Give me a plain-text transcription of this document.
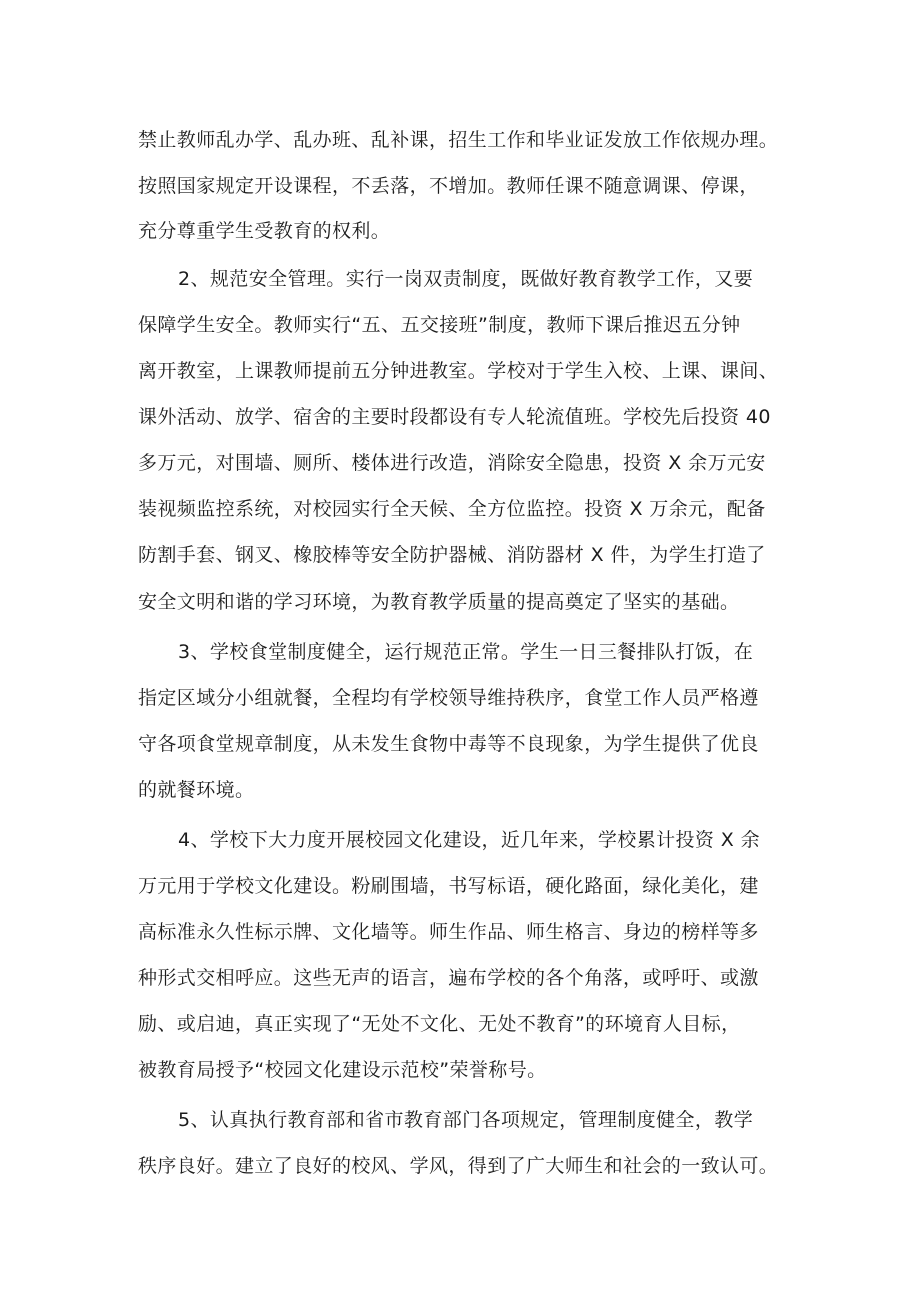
禁止教师乱办学、乱办班、乱补课，招生工作和毕业证发放工作依规办理。
按照国家规定开设课程，不丢落，不增加。教师任课不随意调课、停课，
充分尊重学生受教育的权利。
2、规范安全管理。实行一岗双责制度，既做好教育教学工作，又要
保障学生安全。教师实行“五、五交接班”制度，教师下课后推迟五分钟
离开教室，上课教师提前五分钟进教室。学校对于学生入校、上课、课间、
课外活动、放学、宿舍的主要时段都设有专人轮流值班。学校先后投资 40
多万元，对围墙、厕所、楼体进行改造，消除安全隐患，投资 X 余万元安
装视频监控系统，对校园实行全天候、全方位监控。投资 X 万余元，配备
防割手套、钢叉、橡胶棒等安全防护器械、消防器材 X 件，为学生打造了
安全文明和谐的学习环境，为教育教学质量的提高奠定了坚实的基础。
3、学校食堂制度健全，运行规范正常。学生一日三餐排队打饭，在
指定区域分小组就餐，全程均有学校领导维持秩序，食堂工作人员严格遵
守各项食堂规章制度，从未发生食物中毒等不良现象，为学生提供了优良
的就餐环境。
4、学校下大力度开展校园文化建设，近几年来，学校累计投资 X 余
万元用于学校文化建设。粉刷围墙，书写标语，硬化路面，绿化美化，建
高标准永久性标示牌、文化墙等。师生作品、师生格言、身边的榜样等多
种形式交相呼应。这些无声的语言，遍布学校的各个角落，或呼吁、或激
励、或启迪，真正实现了“无处不文化、无处不教育”的环境育人目标，
被教育局授予“校园文化建设示范校”荣誉称号。
5、认真执行教育部和省市教育部门各项规定，管理制度健全，教学
秩序良好。建立了良好的校风、学风，得到了广大师生和社会的一致认可。
